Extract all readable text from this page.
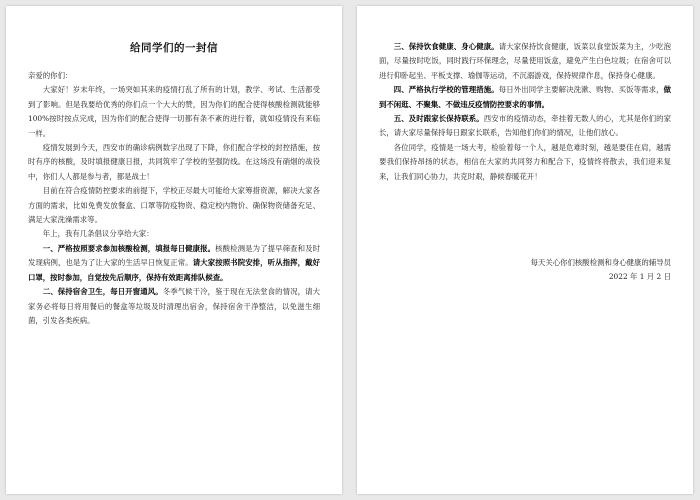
给同学们的一封信

亲爱的你们：

大家好！岁末年终，一场突如其来的疫情打乱了所有的计划，教学、考试、生活都受到了影响。但是我要给优秀的你们点一个大大的赞，因为你们的配合使得核酸检测就能够100%按时按点完成，因为你们的配合使得一切都有条不紊的进行着，就如疫情没有来临一样。

疫情发展到今天，西安市的确诊病例数字出现了下降，你们配合学校的封控措施，按时有序的核酸，及时填报健康日报，共同筑牢了学校的坚强防线。在这场没有硝烟的战役中，你们人人都是参与者，都是战士！

目前在符合疫情防控要求的前提下，学校正尽最大可能给大家筹措资源，解决大家各方面的需求，比如免费发放餐盒、口罩等防疫物资、稳定校内物价、确保物资储备充足、满足大家洗澡需求等。

年上，我有几条倡议分享给大家：

一、严格按照要求参加核酸检测，填报每日健康报。核酸检测是为了提早筛查和及时发现病例，也是为了让大家的生活早日恢复正常。请大家按照书院安排，听从指挥，戴好口罩，按时参加，自觉按先后顺序，保持有效距离排队候查。

二、保持宿舍卫生，每日开窗通风。冬季气候干冷，鉴于现在无法堂食的情况，请大家务必将每日将用餐后的餐盒等垃圾及时清理出宿舍，保持宿舍干净整洁，以免滋生细菌，引发各类疾病。

三、保持饮食健康、身心健康。请大家保持饮食健康，饭菜以食堂饭菜为主，少吃泡面，尽量按时吃饭，同时践行环保理念，尽量使用饭盒，避免产生白色垃圾；在宿舍可以进行仰卧起坐、平板支撑、瑜伽等运动，不沉溺游戏，保持规律作息，保持身心健康。

四、严格执行学校的管理措施。每日外出同学主要解决洗漱、购物、买饭等需求，做到不闲逛、不聚集、不做违反疫情防控要求的事情。

五、及时跟家长保持联系。西安市的疫情动态，牵挂着无数人的心，尤其是你们的家长，请大家尽量保持每日跟家长联系，告知他们你们的情况，让他们放心。

各位同学，疫情是一场大考，检验着每一个人，越是危难时刻，越是要佳在肩，越需要我们保持昂扬的状态，相信在大家的共同努力和配合下，疫情终将散去，我们迎来复来，让我们同心协力，共克时艰，静候春暖花开！

每天关心你们核酸检测和身心健康的辅导员

2022 年 1 月 2 日
